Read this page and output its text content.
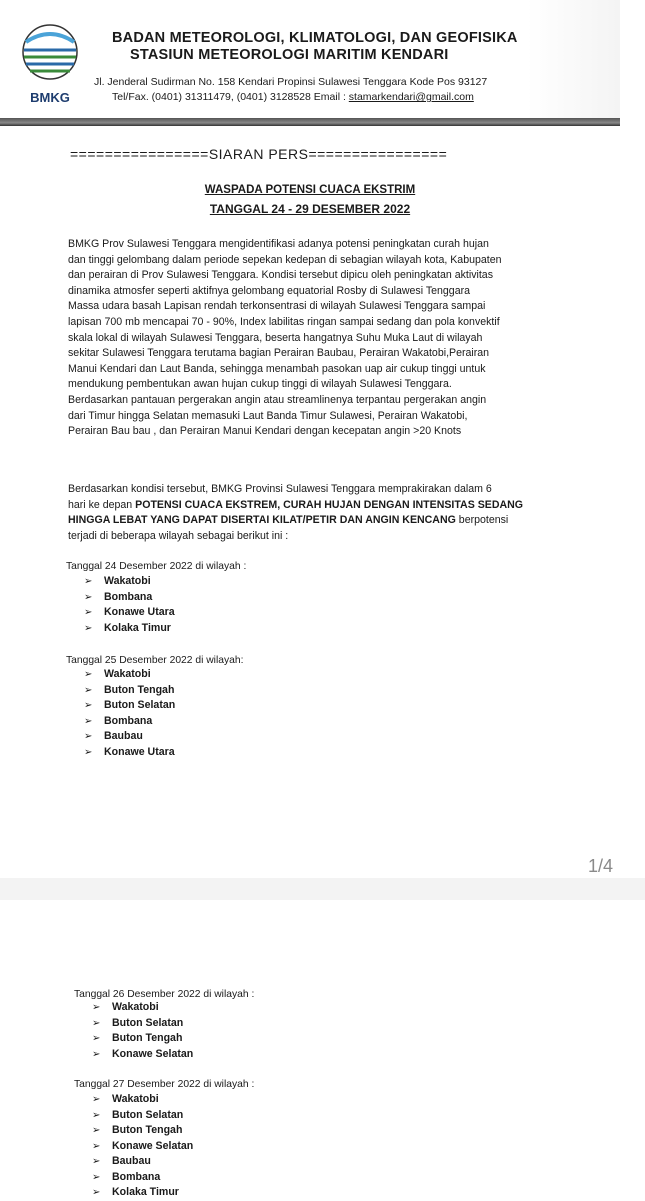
BMKG
BADAN METEOROLOGI, KLIMATOLOGI, DAN GEOFISIKA
STASIUN METEOROLOGI MARITIM KENDARI
Jl. Jenderal Sudirman No. 158 Kendari Propinsi Sulawesi Tenggara Kode Pos 93127
Tel/Fax. (0401) 31311479, (0401) 3128528 Email : stamarkendari@gmail.com
================SIARAN PERS================
WASPADA POTENSI CUACA EKSTRIM
TANGGAL 24 - 29 DESEMBER 2022
BMKG Prov Sulawesi Tenggara mengidentifikasi adanya potensi peningkatan curah hujan
dan tinggi gelombang dalam periode sepekan kedepan di sebagian wilayah kota, Kabupaten
dan perairan di Prov Sulawesi Tenggara. Kondisi tersebut dipicu oleh peningkatan aktivitas
dinamika atmosfer seperti aktifnya gelombang equatorial Rosby di Sulawesi Tenggara
Massa udara basah Lapisan rendah terkonsentrasi di wilayah Sulawesi Tenggara sampai
lapisan 700 mb mencapai 70 - 90%, Index labilitas ringan sampai sedang dan pola konvektif
skala lokal di wilayah Sulawesi Tenggara, beserta hangatnya Suhu Muka Laut di wilayah
sekitar Sulawesi Tenggara terutama bagian Perairan Baubau, Perairan Wakatobi,Perairan
Manui Kendari dan Laut Banda, sehingga menambah pasokan uap air cukup tinggi untuk
mendukung pembentukan awan hujan cukup tinggi di wilayah Sulawesi Tenggara.
Berdasarkan pantauan pergerakan angin atau streamlinenya terpantau pergerakan angin
dari Timur hingga Selatan memasuki Laut Banda Timur Sulawesi, Perairan Wakatobi,
Perairan Bau bau , dan Perairan Manui Kendari dengan kecepatan angin >20 Knots
Berdasarkan kondisi tersebut, BMKG Provinsi Sulawesi Tenggara memprakirakan dalam 6
hari ke depan POTENSI CUACA EKSTREM, CURAH HUJAN DENGAN INTENSITAS SEDANG
HINGGA LEBAT YANG DAPAT DISERTAI KILAT/PETIR DAN ANGIN KENCANG berpotensi
terjadi di beberapa wilayah sebagai berikut ini :
Tanggal 24 Desember 2022 di wilayah :
➢ Wakatobi
➢ Bombana
➢ Konawe Utara
➢ Kolaka Timur
Tanggal 25 Desember 2022 di wilayah:
➢ Wakatobi
➢ Buton Tengah
➢ Buton Selatan
➢ Bombana
➢ Baubau
➢ Konawe Utara
1/4
Tanggal 26 Desember 2022 di wilayah :
➢ Wakatobi
➢ Buton Selatan
➢ Buton Tengah
➢ Konawe Selatan
Tanggal 27 Desember 2022 di wilayah :
➢ Wakatobi
➢ Buton Selatan
➢ Buton Tengah
➢ Konawe Selatan
➢ Baubau
➢ Bombana
➢ Kolaka Timur
